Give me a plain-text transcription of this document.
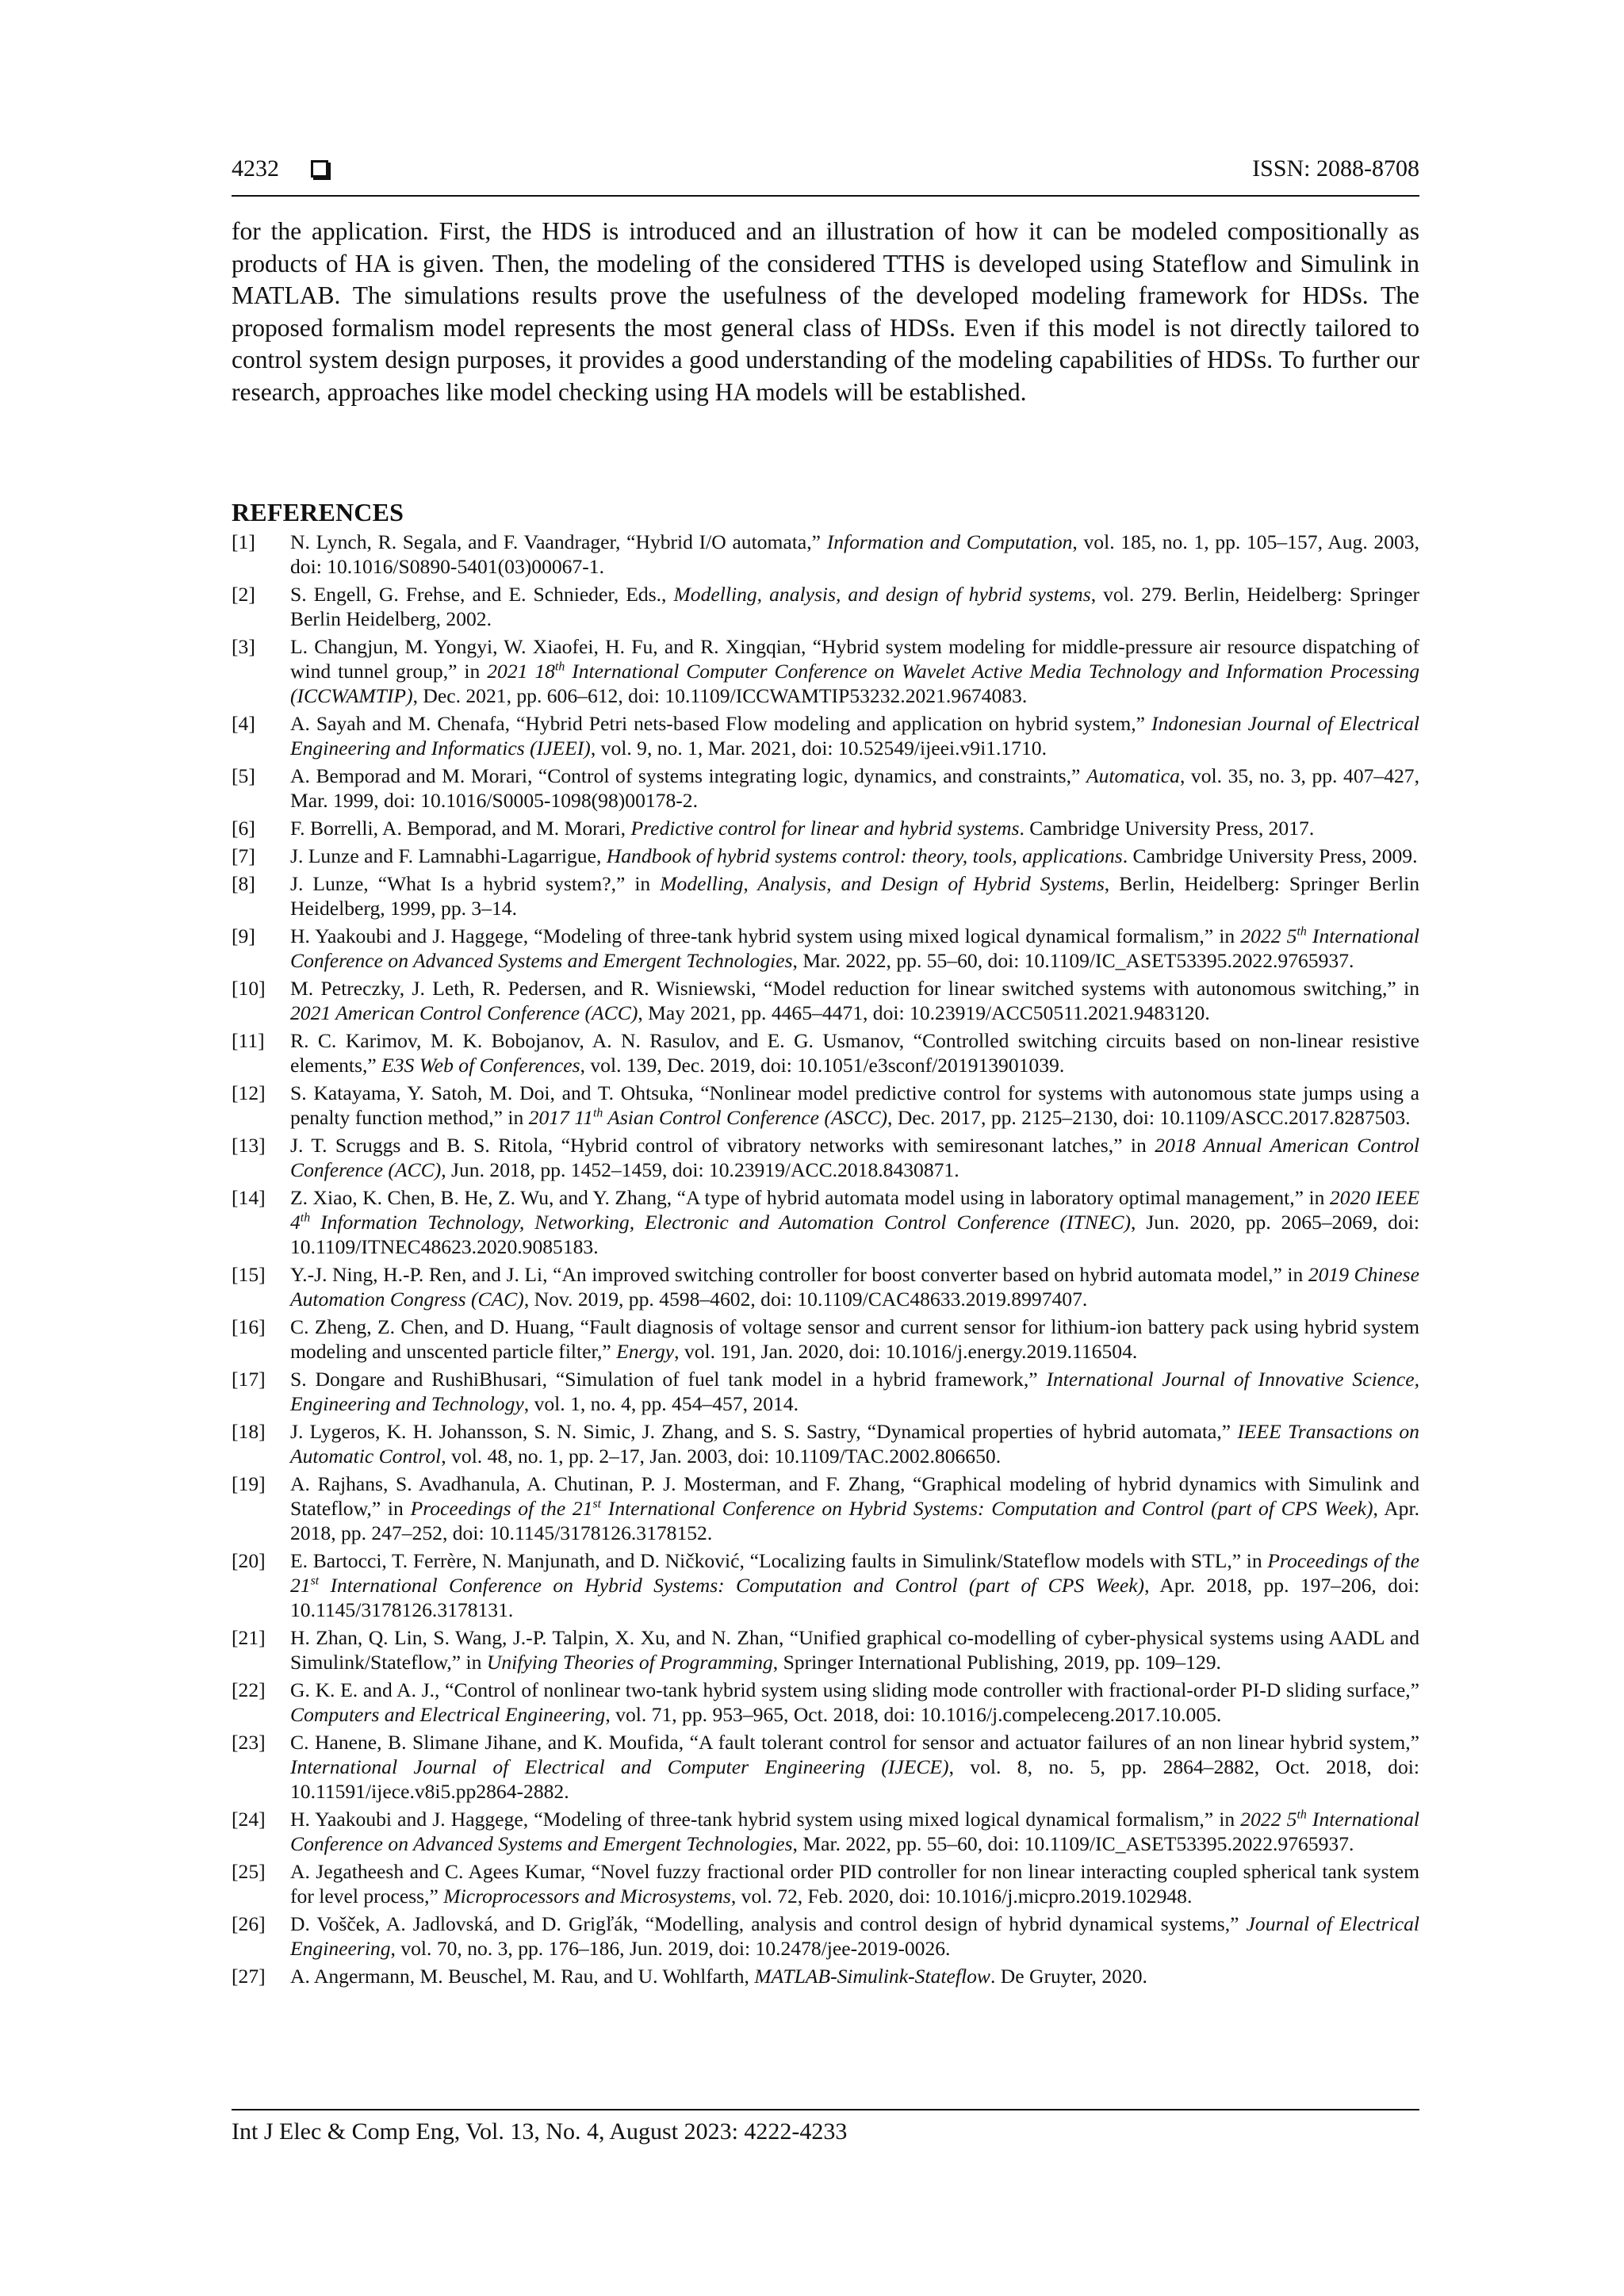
4232	ISSN: 2088-8708
for the application. First, the HDS is introduced and an illustration of how it can be modeled compositionally as products of HA is given. Then, the modeling of the considered TTHS is developed using Stateflow and Simulink in MATLAB. The simulations results prove the usefulness of the developed modeling framework for HDSs. The proposed formalism model represents the most general class of HDSs. Even if this model is not directly tailored to control system design purposes, it provides a good understanding of the modeling capabilities of HDSs. To further our research, approaches like model checking using HA models will be established.
REFERENCES
[1]	N. Lynch, R. Segala, and F. Vaandrager, “Hybrid I/O automata,” Information and Computation, vol. 185, no. 1, pp. 105–157, Aug. 2003, doi: 10.1016/S0890-5401(03)00067-1.
[2]	S. Engell, G. Frehse, and E. Schnieder, Eds., Modelling, analysis, and design of hybrid systems, vol. 279. Berlin, Heidelberg: Springer Berlin Heidelberg, 2002.
[3]	L. Changjun, M. Yongyi, W. Xiaofei, H. Fu, and R. Xingqian, “Hybrid system modeling for middle-pressure air resource dispatching of wind tunnel group,” in 2021 18th International Computer Conference on Wavelet Active Media Technology and Information Processing (ICCWAMTIP), Dec. 2021, pp. 606–612, doi: 10.1109/ICCWAMTIP53232.2021.9674083.
[4]	A. Sayah and M. Chenafa, “Hybrid Petri nets-based Flow modeling and application on hybrid system,” Indonesian Journal of Electrical Engineering and Informatics (IJEEI), vol. 9, no. 1, Mar. 2021, doi: 10.52549/ijeei.v9i1.1710.
[5]	A. Bemporad and M. Morari, “Control of systems integrating logic, dynamics, and constraints,” Automatica, vol. 35, no. 3, pp. 407–427, Mar. 1999, doi: 10.1016/S0005-1098(98)00178-2.
[6]	F. Borrelli, A. Bemporad, and M. Morari, Predictive control for linear and hybrid systems. Cambridge University Press, 2017.
[7]	J. Lunze and F. Lamnabhi-Lagarrigue, Handbook of hybrid systems control: theory, tools, applications. Cambridge University Press, 2009.
[8]	J. Lunze, “What Is a hybrid system?,” in Modelling, Analysis, and Design of Hybrid Systems, Berlin, Heidelberg: Springer Berlin Heidelberg, 1999, pp. 3–14.
[9]	H. Yaakoubi and J. Haggege, “Modeling of three-tank hybrid system using mixed logical dynamical formalism,” in 2022 5th International Conference on Advanced Systems and Emergent Technologies, Mar. 2022, pp. 55–60, doi: 10.1109/IC_ASET53395.2022.9765937.
[10]	M. Petreczky, J. Leth, R. Pedersen, and R. Wisniewski, “Model reduction for linear switched systems with autonomous switching,” in 2021 American Control Conference (ACC), May 2021, pp. 4465–4471, doi: 10.23919/ACC50511.2021.9483120.
[11]	R. C. Karimov, M. K. Bobojanov, A. N. Rasulov, and E. G. Usmanov, “Controlled switching circuits based on non-linear resistive elements,” E3S Web of Conferences, vol. 139, Dec. 2019, doi: 10.1051/e3sconf/201913901039.
[12]	S. Katayama, Y. Satoh, M. Doi, and T. Ohtsuka, “Nonlinear model predictive control for systems with autonomous state jumps using a penalty function method,” in 2017 11th Asian Control Conference (ASCC), Dec. 2017, pp. 2125–2130, doi: 10.1109/ASCC.2017.8287503.
[13]	J. T. Scruggs and B. S. Ritola, “Hybrid control of vibratory networks with semiresonant latches,” in 2018 Annual American Control Conference (ACC), Jun. 2018, pp. 1452–1459, doi: 10.23919/ACC.2018.8430871.
[14]	Z. Xiao, K. Chen, B. He, Z. Wu, and Y. Zhang, “A type of hybrid automata model using in laboratory optimal management,” in 2020 IEEE 4th Information Technology, Networking, Electronic and Automation Control Conference (ITNEC), Jun. 2020, pp. 2065–2069, doi: 10.1109/ITNEC48623.2020.9085183.
[15]	Y.-J. Ning, H.-P. Ren, and J. Li, “An improved switching controller for boost converter based on hybrid automata model,” in 2019 Chinese Automation Congress (CAC), Nov. 2019, pp. 4598–4602, doi: 10.1109/CAC48633.2019.8997407.
[16]	C. Zheng, Z. Chen, and D. Huang, “Fault diagnosis of voltage sensor and current sensor for lithium-ion battery pack using hybrid system modeling and unscented particle filter,” Energy, vol. 191, Jan. 2020, doi: 10.1016/j.energy.2019.116504.
[17]	S. Dongare and RushiBhusari, “Simulation of fuel tank model in a hybrid framework,” International Journal of Innovative Science, Engineering and Technology, vol. 1, no. 4, pp. 454–457, 2014.
[18]	J. Lygeros, K. H. Johansson, S. N. Simic, J. Zhang, and S. S. Sastry, “Dynamical properties of hybrid automata,” IEEE Transactions on Automatic Control, vol. 48, no. 1, pp. 2–17, Jan. 2003, doi: 10.1109/TAC.2002.806650.
[19]	A. Rajhans, S. Avadhanula, A. Chutinan, P. J. Mosterman, and F. Zhang, “Graphical modeling of hybrid dynamics with Simulink and Stateflow,” in Proceedings of the 21st International Conference on Hybrid Systems: Computation and Control (part of CPS Week), Apr. 2018, pp. 247–252, doi: 10.1145/3178126.3178152.
[20]	E. Bartocci, T. Ferrère, N. Manjunath, and D. Ničković, “Localizing faults in Simulink/Stateflow models with STL,” in Proceedings of the 21st International Conference on Hybrid Systems: Computation and Control (part of CPS Week), Apr. 2018, pp. 197–206, doi: 10.1145/3178126.3178131.
[21]	H. Zhan, Q. Lin, S. Wang, J.-P. Talpin, X. Xu, and N. Zhan, “Unified graphical co-modelling of cyber-physical systems using AADL and Simulink/Stateflow,” in Unifying Theories of Programming, Springer International Publishing, 2019, pp. 109–129.
[22]	G. K. E. and A. J., “Control of nonlinear two-tank hybrid system using sliding mode controller with fractional-order PI-D sliding surface,” Computers and Electrical Engineering, vol. 71, pp. 953–965, Oct. 2018, doi: 10.1016/j.compeleceng.2017.10.005.
[23]	C. Hanene, B. Slimane Jihane, and K. Moufida, “A fault tolerant control for sensor and actuator failures of an non linear hybrid system,” International Journal of Electrical and Computer Engineering (IJECE), vol. 8, no. 5, pp. 2864–2882, Oct. 2018, doi: 10.11591/ijece.v8i5.pp2864-2882.
[24]	H. Yaakoubi and J. Haggege, “Modeling of three-tank hybrid system using mixed logical dynamical formalism,” in 2022 5th International Conference on Advanced Systems and Emergent Technologies, Mar. 2022, pp. 55–60, doi: 10.1109/IC_ASET53395.2022.9765937.
[25]	A. Jegatheesh and C. Agees Kumar, “Novel fuzzy fractional order PID controller for non linear interacting coupled spherical tank system for level process,” Microprocessors and Microsystems, vol. 72, Feb. 2020, doi: 10.1016/j.micpro.2019.102948.
[26]	D. Vošček, A. Jadlovská, and D. Grigľák, “Modelling, analysis and control design of hybrid dynamical systems,” Journal of Electrical Engineering, vol. 70, no. 3, pp. 176–186, Jun. 2019, doi: 10.2478/jee-2019-0026.
[27]	A. Angermann, M. Beuschel, M. Rau, and U. Wohlfarth, MATLAB-Simulink-Stateflow. De Gruyter, 2020.
Int J Elec & Comp Eng, Vol. 13, No. 4, August 2023: 4222-4233
